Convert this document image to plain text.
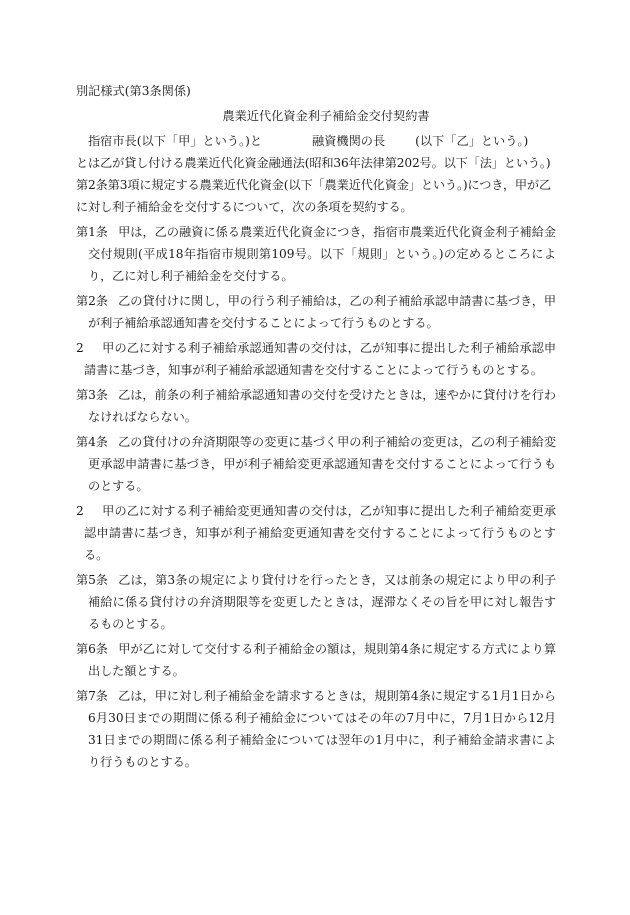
別記様式(第3条関係)

農業近代化資金利子補給金交付契約書

指宿市長(以下「甲」という。)と	融資機関の長 (以下「乙」という。)
とは乙が貸し付ける農業近代化資金融通法(昭和36年法律第202号。以下「法」という。)第2条第3項に規定する農業近代化資金(以下「農業近代化資金」という。)につき，甲が乙に対し利子補給金を交付するについて，次の条項を契約する。

第1条 甲は，乙の融資に係る農業近代化資金につき，指宿市農業近代化資金利子補給金交付規則(平成18年指宿市規則第109号。以下「規則」という。)の定めるところにより，乙に対し利子補給金を交付する。

第2条 乙の貸付けに関し，甲の行う利子補給は，乙の利子補給承認申請書に基づき，甲が利子補給承認通知書を交付することによって行うものとする。

2 甲の乙に対する利子補給承認通知書の交付は，乙が知事に提出した利子補給承認申請書に基づき，知事が利子補給承認通知書を交付することによって行うものとする。

第3条 乙は，前条の利子補給承認通知書の交付を受けたときは，速やかに貸付けを行わなければならない。

第4条 乙の貸付けの弁済期限等の変更に基づく甲の利子補給の変更は，乙の利子補給変更承認申請書に基づき，甲が利子補給変更承認通知書を交付することによって行うものとする。

2 甲の乙に対する利子補給変更通知書の交付は，乙が知事に提出した利子補給変更承認申請書に基づき，知事が利子補給変更通知書を交付することによって行うものとする。

第5条 乙は，第3条の規定により貸付けを行ったとき，又は前条の規定により甲の利子補給に係る貸付けの弁済期限等を変更したときは，遅滞なくその旨を甲に対し報告するものとする。

第6条 甲が乙に対して交付する利子補給金の額は，規則第4条に規定する方式により算出した額とする。

第7条 乙は，甲に対し利子補給金を請求するときは，規則第4条に規定する1月1日から6月30日までの期間に係る利子補給金についてはその年の7月中に，7月1日から12月31日までの期間に係る利子補給金については翌年の1月中に，利子補給金請求書により行うものとする。
